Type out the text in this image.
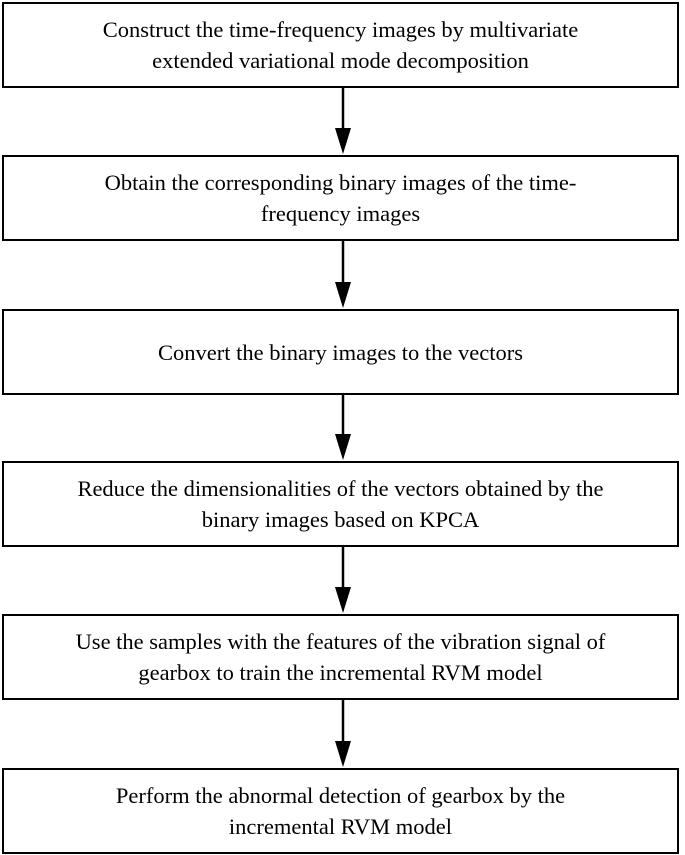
Construct the time-frequency images by multivariate
extended variational mode decomposition
Obtain the corresponding binary images of the time-
frequency images
Convert the binary images to the vectors
Reduce the dimensionalities of the vectors obtained by the
binary images based on KPCA
Use the samples with the features of the vibration signal of
gearbox to train the incremental RVM model
Perform the abnormal detection of gearbox by the
incremental RVM model
